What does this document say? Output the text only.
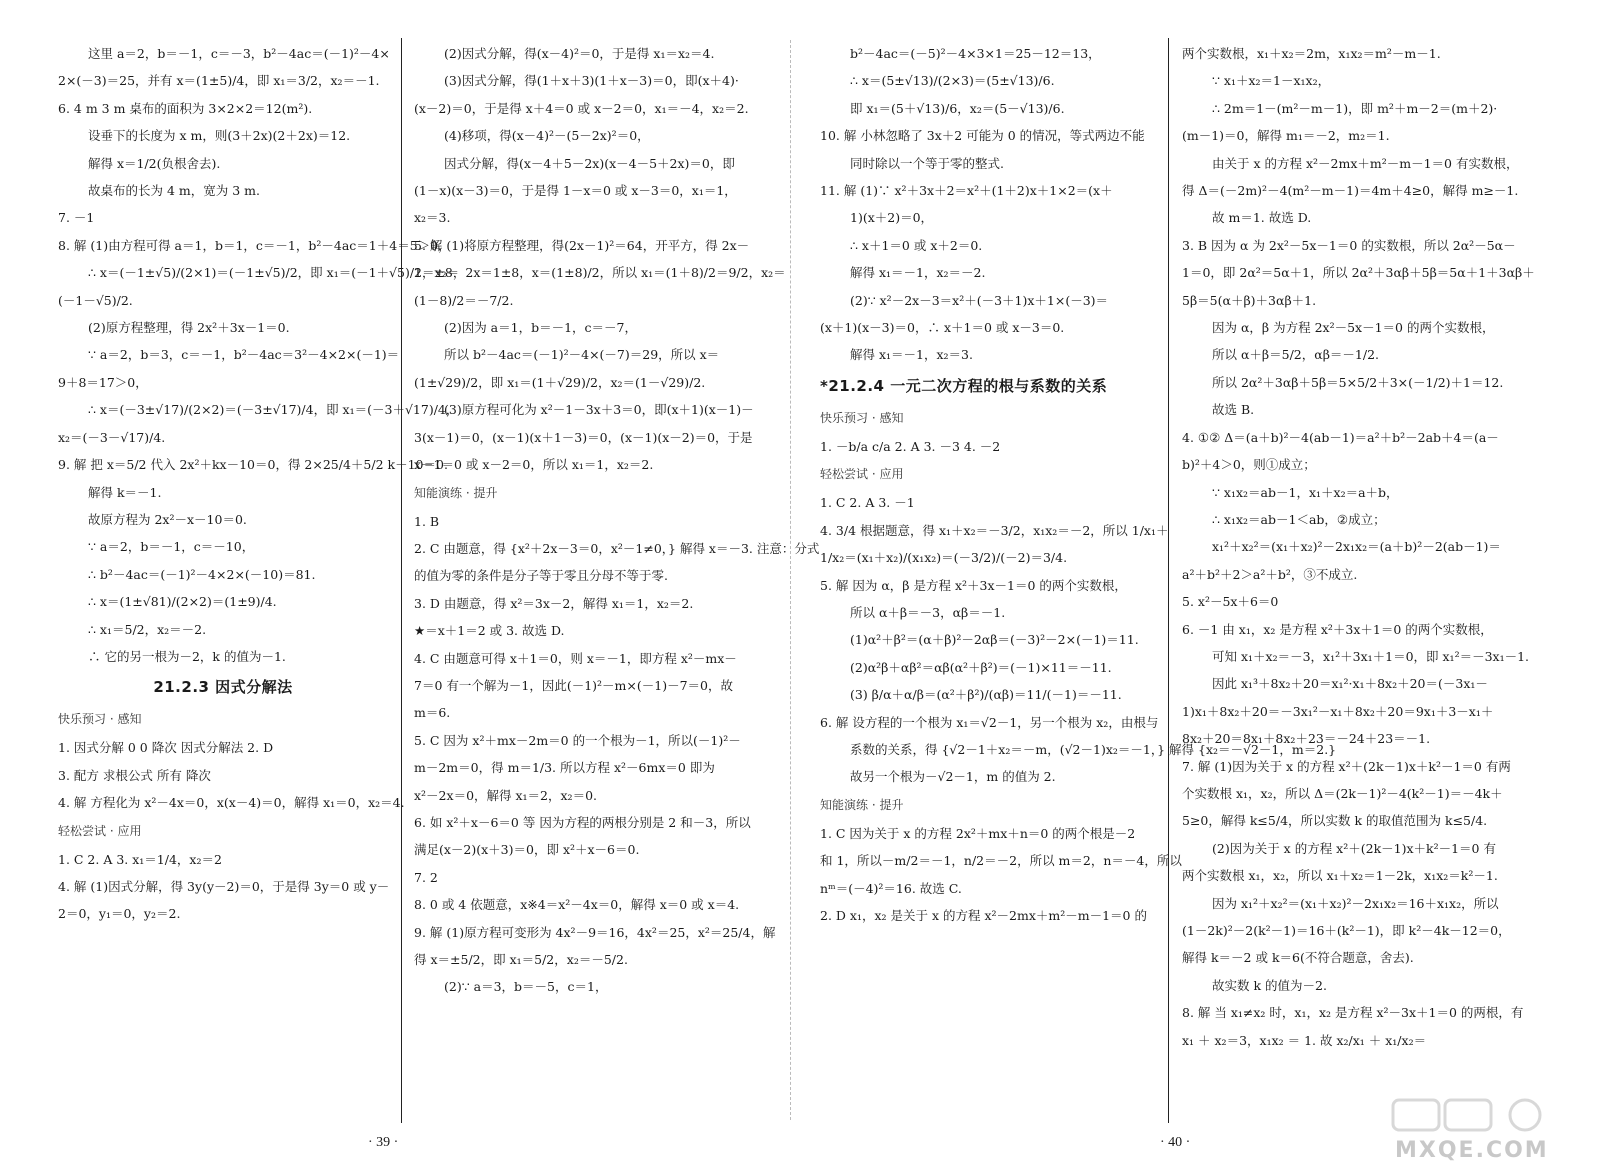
这里 a＝2，b＝－1，c＝－3，b²－4ac＝(－1)²－4×

2×(－3)＝25，并有 x＝(1±5)/4，即 x₁＝3/2，x₂＝－1.

6. 4 m 3 m 桌布的面积为 3×2×2＝12(m²).

设垂下的长度为 x m，则(3＋2x)(2＋2x)＝12.

解得 x＝1/2(负根舍去).

故桌布的长为 4 m，宽为 3 m.

7. －1

8. 解 (1)由方程可得 a＝1，b＝1，c＝－1，b²－4ac＝1＋4＝5＞0，

∴ x＝(－1±√5)/(2×1)＝(－1±√5)/2，即 x₁＝(－1＋√5)/2，x₂＝

(－1－√5)/2.

(2)原方程整理，得 2x²＋3x－1＝0.

∵ a＝2，b＝3，c＝－1，b²－4ac＝3²－4×2×(－1)＝

9＋8＝17＞0，

∴ x＝(－3±√17)/(2×2)＝(－3±√17)/4，即 x₁＝(－3＋√17)/4，

x₂＝(－3－√17)/4.

9. 解 把 x＝5/2 代入 2x²＋kx－10＝0，得 2×25/4＋5/2 k－10＝0.

解得 k＝－1.

故原方程为 2x²－x－10＝0.

∵ a＝2，b＝－1，c＝－10，

∴ b²－4ac＝(－1)²－4×2×(－10)＝81.

∴ x＝(1±√81)/(2×2)＝(1±9)/4.

∴ x₁＝5/2，x₂＝－2.

∴ 它的另一根为－2，k 的值为－1.

21.2.3 因式分解法
快乐预习 · 感知

1. 因式分解 0 0 降次 因式分解法 2. D

3. 配方 求根公式 所有 降次

4. 解 方程化为 x²－4x＝0，x(x－4)＝0，解得 x₁＝0，x₂＝4.

轻松尝试 · 应用

1. C 2. A 3. x₁＝1/4，x₂＝2

4. 解 (1)因式分解，得 3y(y－2)＝0，于是得 3y＝0 或 y－

2＝0，y₁＝0，y₂＝2.

(2)因式分解，得(x－4)²＝0，于是得 x₁＝x₂＝4.

(3)因式分解，得(1＋x＋3)(1＋x－3)＝0，即(x＋4)·

(x－2)＝0，于是得 x＋4＝0 或 x－2＝0，x₁＝－4，x₂＝2.

(4)移项，得(x－4)²－(5－2x)²＝0，

因式分解，得(x－4＋5－2x)(x－4－5＋2x)＝0，即

(1－x)(x－3)＝0，于是得 1－x＝0 或 x－3＝0，x₁＝1，

x₂＝3.

5. 解 (1)将原方程整理，得(2x－1)²＝64，开平方，得 2x－

1＝±8，2x＝1±8，x＝(1±8)/2，所以 x₁＝(1＋8)/2＝9/2，x₂＝

(1－8)/2＝－7/2.

(2)因为 a＝1，b＝－1，c＝－7，

所以 b²－4ac＝(－1)²－4×(－7)＝29，所以 x＝

(1±√29)/2，即 x₁＝(1＋√29)/2，x₂＝(1－√29)/2.

(3)原方程可化为 x²－1－3x＋3＝0，即(x＋1)(x－1)－

3(x－1)＝0，(x－1)(x＋1－3)＝0，(x－1)(x－2)＝0，于是

x－1＝0 或 x－2＝0，所以 x₁＝1，x₂＝2.

知能演练 · 提升

1. B

2. C 由题意，得 {x²＋2x－3＝0，x²－1≠0，} 解得 x＝－3. 注意：分式

的值为零的条件是分子等于零且分母不等于零.

3. D 由题意，得 x²＝3x－2，解得 x₁＝1，x₂＝2.

★＝x＋1＝2 或 3. 故选 D.

4. C 由题意可得 x＋1＝0，则 x＝－1，即方程 x²－mx－

7＝0 有一个解为－1，因此(－1)²－m×(－1)－7＝0，故

m＝6.

5. C 因为 x²＋mx－2m＝0 的一个根为－1，所以(－1)²－

m－2m＝0，得 m＝1/3. 所以方程 x²－6mx＝0 即为

x²－2x＝0，解得 x₁＝2，x₂＝0.

6. 如 x²＋x－6＝0 等 因为方程的两根分别是 2 和－3，所以

满足(x－2)(x＋3)＝0，即 x²＋x－6＝0.

7. 2

8. 0 或 4 依题意，x※4＝x²－4x＝0，解得 x＝0 或 x＝4.

9. 解 (1)原方程可变形为 4x²－9＝16，4x²＝25，x²＝25/4，解

得 x＝±5/2，即 x₁＝5/2，x₂＝－5/2.

(2)∵ a＝3，b＝－5，c＝1，

b²－4ac＝(－5)²－4×3×1＝25－12＝13，

∴ x＝(5±√13)/(2×3)＝(5±√13)/6.

即 x₁＝(5＋√13)/6，x₂＝(5－√13)/6.

10. 解 小林忽略了 3x＋2 可能为 0 的情况，等式两边不能

同时除以一个等于零的整式.

11. 解 (1)∵ x²＋3x＋2＝x²＋(1＋2)x＋1×2＝(x＋

1)(x＋2)＝0，

∴ x＋1＝0 或 x＋2＝0.

解得 x₁＝－1，x₂＝－2.

(2)∵ x²－2x－3＝x²＋(－3＋1)x＋1×(－3)＝

(x＋1)(x－3)＝0，∴ x＋1＝0 或 x－3＝0.

解得 x₁＝－1，x₂＝3.

*21.2.4 一元二次方程的根与系数的关系
快乐预习 · 感知

1. －b/a c/a 2. A 3. －3 4. －2

轻松尝试 · 应用

1. C 2. A 3. －1

4. 3/4 根据题意，得 x₁＋x₂＝－3/2，x₁x₂＝－2，所以 1/x₁＋

1/x₂＝(x₁＋x₂)/(x₁x₂)＝(－3/2)/(－2)＝3/4.

5. 解 因为 α，β 是方程 x²＋3x－1＝0 的两个实数根，

所以 α＋β＝－3，αβ＝－1.

(1)α²＋β²＝(α＋β)²－2αβ＝(－3)²－2×(－1)＝11.

(2)α²β＋αβ²＝αβ(α²＋β²)＝(－1)×11＝－11.

(3) β/α＋α/β＝(α²＋β²)/(αβ)＝11/(－1)＝－11.

6. 解 设方程的一个根为 x₁＝√2－1，另一个根为 x₂，由根与

系数的关系，得 {√2－1＋x₂＝－m，(√2－1)x₂＝－1，} 解得 {x₂＝－√2－1，m＝2.}

故另一个根为－√2－1，m 的值为 2.

知能演练 · 提升

1. C 因为关于 x 的方程 2x²＋mx＋n＝0 的两个根是－2

和 1，所以－m/2＝－1，n/2＝－2，所以 m＝2，n＝－4，所以

nᵐ＝(－4)²＝16. 故选 C.

2. D x₁，x₂ 是关于 x 的方程 x²－2mx＋m²－m－1＝0 的

两个实数根，x₁＋x₂＝2m，x₁x₂＝m²－m－1.

∵ x₁＋x₂＝1－x₁x₂，

∴ 2m＝1－(m²－m－1)，即 m²＋m－2＝(m＋2)·

(m－1)＝0，解得 m₁＝－2，m₂＝1.

由关于 x 的方程 x²－2mx＋m²－m－1＝0 有实数根，

得 Δ＝(－2m)²－4(m²－m－1)＝4m＋4≥0，解得 m≥－1.

故 m＝1. 故选 D.

3. B 因为 α 为 2x²－5x－1＝0 的实数根，所以 2α²－5α－

1＝0，即 2α²＝5α＋1，所以 2α²＋3αβ＋5β＝5α＋1＋3αβ＋

5β＝5(α＋β)＋3αβ＋1.

因为 α，β 为方程 2x²－5x－1＝0 的两个实数根，

所以 α＋β＝5/2，αβ＝－1/2.

所以 2α²＋3αβ＋5β＝5×5/2＋3×(－1/2)＋1＝12.

故选 B.

4. ①② Δ＝(a＋b)²－4(ab－1)＝a²＋b²－2ab＋4＝(a－

b)²＋4＞0，则①成立；

∵ x₁x₂＝ab－1，x₁＋x₂＝a＋b，

∴ x₁x₂＝ab－1＜ab，②成立；

x₁²＋x₂²＝(x₁＋x₂)²－2x₁x₂＝(a＋b)²－2(ab－1)＝

a²＋b²＋2＞a²＋b²，③不成立.

5. x²－5x＋6＝0

6. －1 由 x₁，x₂ 是方程 x²＋3x＋1＝0 的两个实数根，

可知 x₁＋x₂＝－3，x₁²＋3x₁＋1＝0，即 x₁²＝－3x₁－1.

因此 x₁³＋8x₂＋20＝x₁²·x₁＋8x₂＋20＝(－3x₁－

1)x₁＋8x₂＋20＝－3x₁²－x₁＋8x₂＋20＝9x₁＋3－x₁＋

8x₂＋20＝8x₁＋8x₂＋23＝－24＋23＝－1.

7. 解 (1)因为关于 x 的方程 x²＋(2k－1)x＋k²－1＝0 有两

个实数根 x₁，x₂，所以 Δ＝(2k－1)²－4(k²－1)＝－4k＋

5≥0，解得 k≤5/4，所以实数 k 的取值范围为 k≤5/4.

(2)因为关于 x 的方程 x²＋(2k－1)x＋k²－1＝0 有

两个实数根 x₁，x₂，所以 x₁＋x₂＝1－2k，x₁x₂＝k²－1.

因为 x₁²＋x₂²＝(x₁＋x₂)²－2x₁x₂＝16＋x₁x₂，所以

(1－2k)²－2(k²－1)＝16＋(k²－1)，即 k²－4k－12＝0，

解得 k＝－2 或 k＝6(不符合题意，舍去).

故实数 k 的值为－2.

8. 解 当 x₁≠x₂ 时，x₁，x₂ 是方程 x²－3x＋1＝0 的两根，有

x₁ ＋ x₂＝3，x₁x₂ ＝ 1. 故 x₂/x₁ ＋ x₁/x₂＝

· 39 ·	· 40 ·	MXQE.COM
